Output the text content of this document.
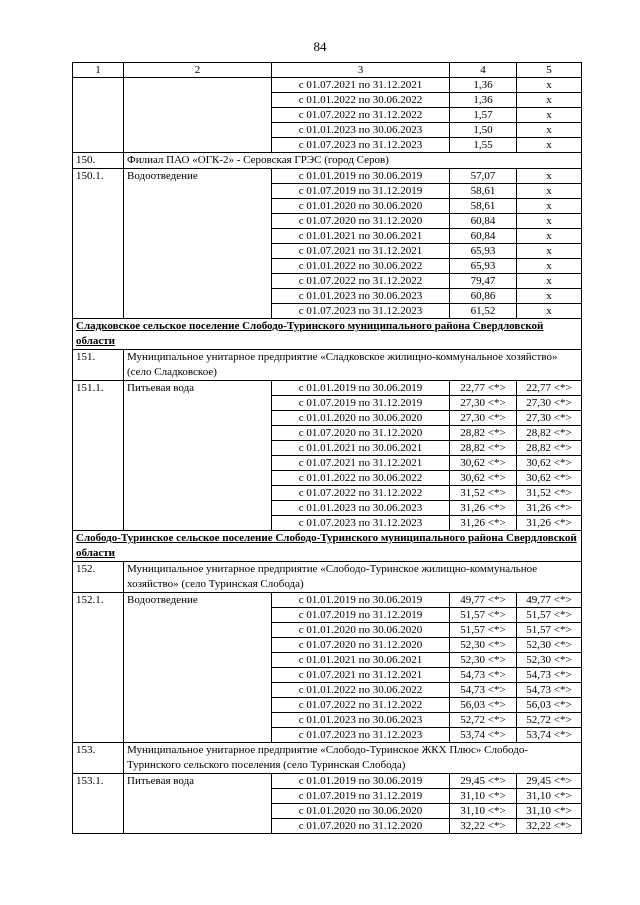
84
1	2	3	4	5
		с 01.07.2021 по 31.12.2021	1,36	х
		с 01.01.2022 по 30.06.2022	1,36	х
		с 01.07.2022 по 31.12.2022	1,57	х
		с 01.01.2023 по 30.06.2023	1,50	х
		с 01.07.2023 по 31.12.2023	1,55	х
150.	Филиал ПАО «ОГК-2» - Серовская ГРЭС (город Серов)			
150.1.	Водоотведение	с 01.01.2019 по 30.06.2019	57,07	х
		с 01.07.2019 по 31.12.2019	58,61	х
		с 01.01.2020 по 30.06.2020	58,61	х
		с 01.07.2020 по 31.12.2020	60,84	х
		с 01.01.2021 по 30.06.2021	60,84	х
		с 01.07.2021 по 31.12.2021	65,93	х
		с 01.01.2022 по 30.06.2022	65,93	х
		с 01.07.2022 по 31.12.2022	79,47	х
		с 01.01.2023 по 30.06.2023	60,86	х
		с 01.07.2023 по 31.12.2023	61,52	х
Сладковское сельское поселение Слободо-Туринского муниципального района Свердловской области				
151.	Муниципальное унитарное предприятие «Сладковское жилищно-коммунальное хозяйство» (село Сладковское)			
151.1.	Питьевая вода	с 01.01.2019 по 30.06.2019	22,77 <*>	22,77 <*>
		с 01.07.2019 по 31.12.2019	27,30 <*>	27,30 <*>
		с 01.01.2020 по 30.06.2020	27,30 <*>	27,30 <*>
		с 01.07.2020 по 31.12.2020	28,82 <*>	28,82 <*>
		с 01.01.2021 по 30.06.2021	28,82 <*>	28,82 <*>
		с 01.07.2021 по 31.12.2021	30,62 <*>	30,62 <*>
		с 01.01.2022 по 30.06.2022	30,62 <*>	30,62 <*>
		с 01.07.2022 по 31.12.2022	31,52 <*>	31,52 <*>
		с 01.01.2023 по 30.06.2023	31,26 <*>	31,26 <*>
		с 01.07.2023 по 31.12.2023	31,26 <*>	31,26 <*>
Слободо-Туринское сельское поселение Слободо-Туринского муниципального района Свердловской области				
152.	Муниципальное унитарное предприятие «Слободо-Туринское жилищно-коммунальное хозяйство» (село Туринская Слобода)			
152.1.	Водоотведение	с 01.01.2019 по 30.06.2019	49,77 <*>	49,77 <*>
		с 01.07.2019 по 31.12.2019	51,57 <*>	51,57 <*>
		с 01.01.2020 по 30.06.2020	51,57 <*>	51,57 <*>
		с 01.07.2020 по 31.12.2020	52,30 <*>	52,30 <*>
		с 01.01.2021 по 30.06.2021	52,30 <*>	52,30 <*>
		с 01.07.2021 по 31.12.2021	54,73 <*>	54,73 <*>
		с 01.01.2022 по 30.06.2022	54,73 <*>	54,73 <*>
		с 01.07.2022 по 31.12.2022	56,03 <*>	56,03 <*>
		с 01.01.2023 по 30.06.2023	52,72 <*>	52,72 <*>
		с 01.07.2023 по 31.12.2023	53,74 <*>	53,74 <*>
153.	Муниципальное унитарное предприятие «Слободо-Туринское ЖКХ Плюс» Слободо-Туринского сельского поселения (село Туринская Слобода)			
153.1.	Питьевая вода	с 01.01.2019 по 30.06.2019	29,45 <*>	29,45 <*>
		с 01.07.2019 по 31.12.2019	31,10 <*>	31,10 <*>
		с 01.01.2020 по 30.06.2020	31,10 <*>	31,10 <*>
		с 01.07.2020 по 31.12.2020	32,22 <*>	32,22 <*>
